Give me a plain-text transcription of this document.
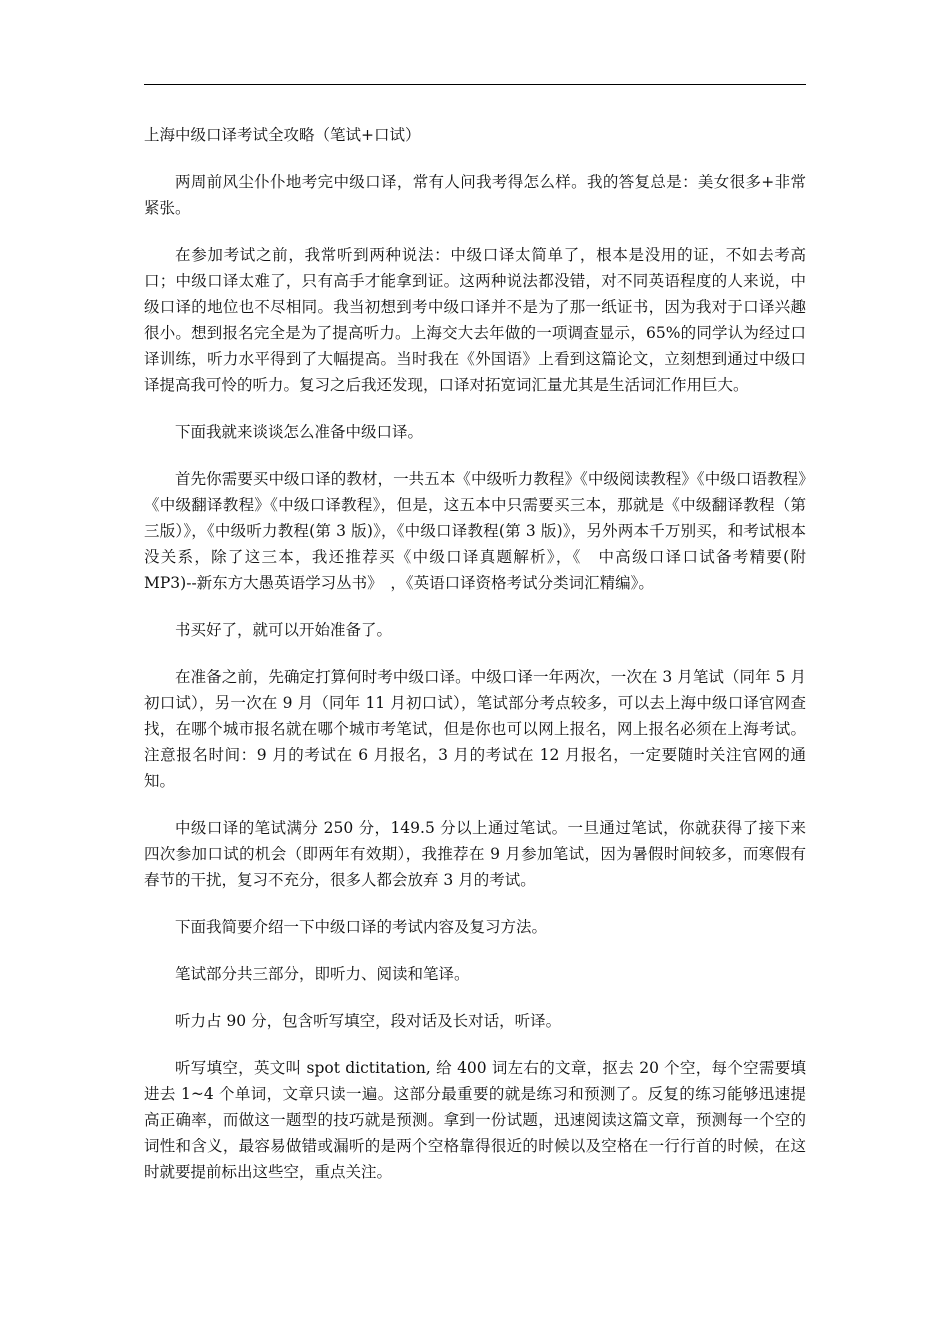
上海中级口译考试全攻略（笔试+口试）

两周前风尘仆仆地考完中级口译，常有人问我考得怎么样。我的答复总是：美女很多+非常紧张。

在参加考试之前，我常听到两种说法：中级口译太简单了，根本是没用的证，不如去考高口；中级口译太难了，只有高手才能拿到证。这两种说法都没错，对不同英语程度的人来说，中级口译的地位也不尽相同。我当初想到考中级口译并不是为了那一纸证书，因为我对于口译兴趣很小。想到报名完全是为了提高听力。上海交大去年做的一项调查显示，65%的同学认为经过口译训练，听力水平得到了大幅提高。当时我在《外国语》上看到这篇论文，立刻想到通过中级口译提高我可怜的听力。复习之后我还发现，口译对拓宽词汇量尤其是生活词汇作用巨大。

下面我就来谈谈怎么准备中级口译。

首先你需要买中级口译的教材，一共五本《中级听力教程》《中级阅读教程》《中级口语教程》《中级翻译教程》《中级口译教程》，但是，这五本中只需要买三本，那就是《中级翻译教程（第三版）》，《中级听力教程(第 3 版)》，《中级口译教程(第 3 版)》，另外两本千万别买，和考试根本没关系，除了这三本，我还推荐买《中级口译真题解析》，《　中高级口译口试备考精要(附 MP3)--新东方大愚英语学习丛书》　，《英语口译资格考试分类词汇精编》。

书买好了，就可以开始准备了。

在准备之前，先确定打算何时考中级口译。中级口译一年两次，一次在 3 月笔试（同年 5 月初口试），另一次在 9 月（同年 11 月初口试），笔试部分考点较多，可以去上海中级口译官网查找，在哪个城市报名就在哪个城市考笔试，但是你也可以网上报名，网上报名必须在上海考试。注意报名时间：9 月的考试在 6 月报名，3 月的考试在 12 月报名，一定要随时关注官网的通知。

中级口译的笔试满分 250 分，149.5 分以上通过笔试。一旦通过笔试，你就获得了接下来四次参加口试的机会（即两年有效期），我推荐在 9 月参加笔试，因为暑假时间较多，而寒假有春节的干扰，复习不充分，很多人都会放弃 3 月的考试。

下面我简要介绍一下中级口译的考试内容及复习方法。

笔试部分共三部分，即听力、阅读和笔译。

听力占 90 分，包含听写填空，段对话及长对话，听译。

听写填空，英文叫 spot dictitation, 给 400 词左右的文章，抠去 20 个空，每个空需要填进去 1~4 个单词，文章只读一遍。这部分最重要的就是练习和预测了。反复的练习能够迅速提高正确率，而做这一题型的技巧就是预测。拿到一份试题，迅速阅读这篇文章，预测每一个空的词性和含义，最容易做错或漏听的是两个空格靠得很近的时候以及空格在一行行首的时候，在这时就要提前标出这些空，重点关注。
